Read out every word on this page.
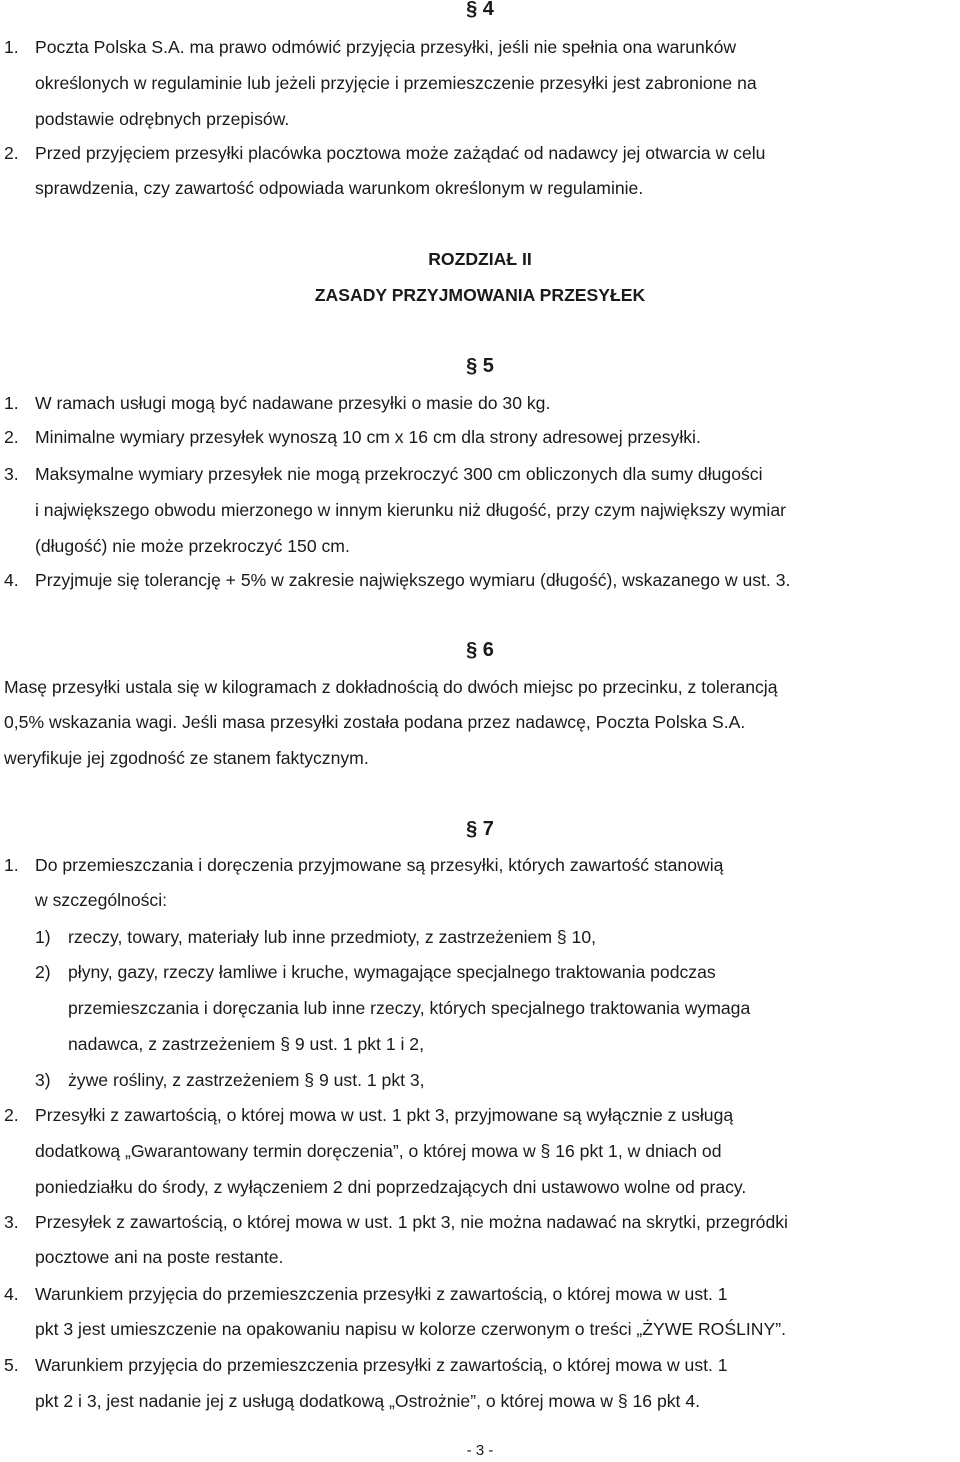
§ 4
1. Poczta Polska S.A. ma prawo odmówić przyjęcia przesyłki, jeśli nie spełnia ona warunków
określonych w regulaminie lub jeżeli przyjęcie i przemieszczenie przesyłki jest zabronione na
podstawie odrębnych przepisów.
2. Przed przyjęciem przesyłki placówka pocztowa może zażądać od nadawcy jej otwarcia w celu
sprawdzenia, czy zawartość odpowiada warunkom określonym w regulaminie.
ROZDZIAŁ II
ZASADY PRZYJMOWANIA PRZESYŁEK
§ 5
1. W ramach usługi mogą być nadawane przesyłki o masie do 30 kg.
2. Minimalne wymiary przesyłek wynoszą 10 cm x 16 cm dla strony adresowej przesyłki.
3. Maksymalne wymiary przesyłek nie mogą przekroczyć 300 cm obliczonych dla sumy długości
i największego obwodu mierzonego w innym kierunku niż długość, przy czym największy wymiar
(długość) nie może przekroczyć 150 cm.
4. Przyjmuje się tolerancję + 5% w zakresie największego wymiaru (długość), wskazanego w ust. 3.
§ 6
Masę przesyłki ustala się w kilogramach z dokładnością do dwóch miejsc po przecinku, z tolerancją
0,5% wskazania wagi. Jeśli masa przesyłki została podana przez nadawcę, Poczta Polska S.A.
weryfikuje jej zgodność ze stanem faktycznym.
§ 7
1. Do przemieszczania i doręczenia przyjmowane są przesyłki, których zawartość stanowią
w szczególności:
1) rzeczy, towary, materiały lub inne przedmioty, z zastrzeżeniem § 10,
2) płyny, gazy, rzeczy łamliwe i kruche, wymagające specjalnego traktowania podczas
przemieszczania i doręczania lub inne rzeczy, których specjalnego traktowania wymaga
nadawca, z zastrzeżeniem § 9 ust. 1 pkt 1 i 2,
3) żywe rośliny, z zastrzeżeniem § 9 ust. 1 pkt 3,
2. Przesyłki z zawartością, o której mowa w ust. 1 pkt 3, przyjmowane są wyłącznie z usługą
dodatkową „Gwarantowany termin doręczenia”, o której mowa w § 16 pkt 1, w dniach od
poniedziałku do środy, z wyłączeniem 2 dni poprzedzających dni ustawowo wolne od pracy.
3. Przesyłek z zawartością, o której mowa w ust. 1 pkt 3, nie można nadawać na skrytki, przegródki
pocztowe ani na poste restante.
4. Warunkiem przyjęcia do przemieszczenia przesyłki z zawartością, o której mowa w ust. 1
pkt 3 jest umieszczenie na opakowaniu napisu w kolorze czerwonym o treści „ŻYWE ROŚLINY”.
5. Warunkiem przyjęcia do przemieszczenia przesyłki z zawartością, o której mowa w ust. 1
pkt 2 i 3, jest nadanie jej z usługą dodatkową „Ostrożnie”, o której mowa w § 16 pkt 4.
- 3 -
